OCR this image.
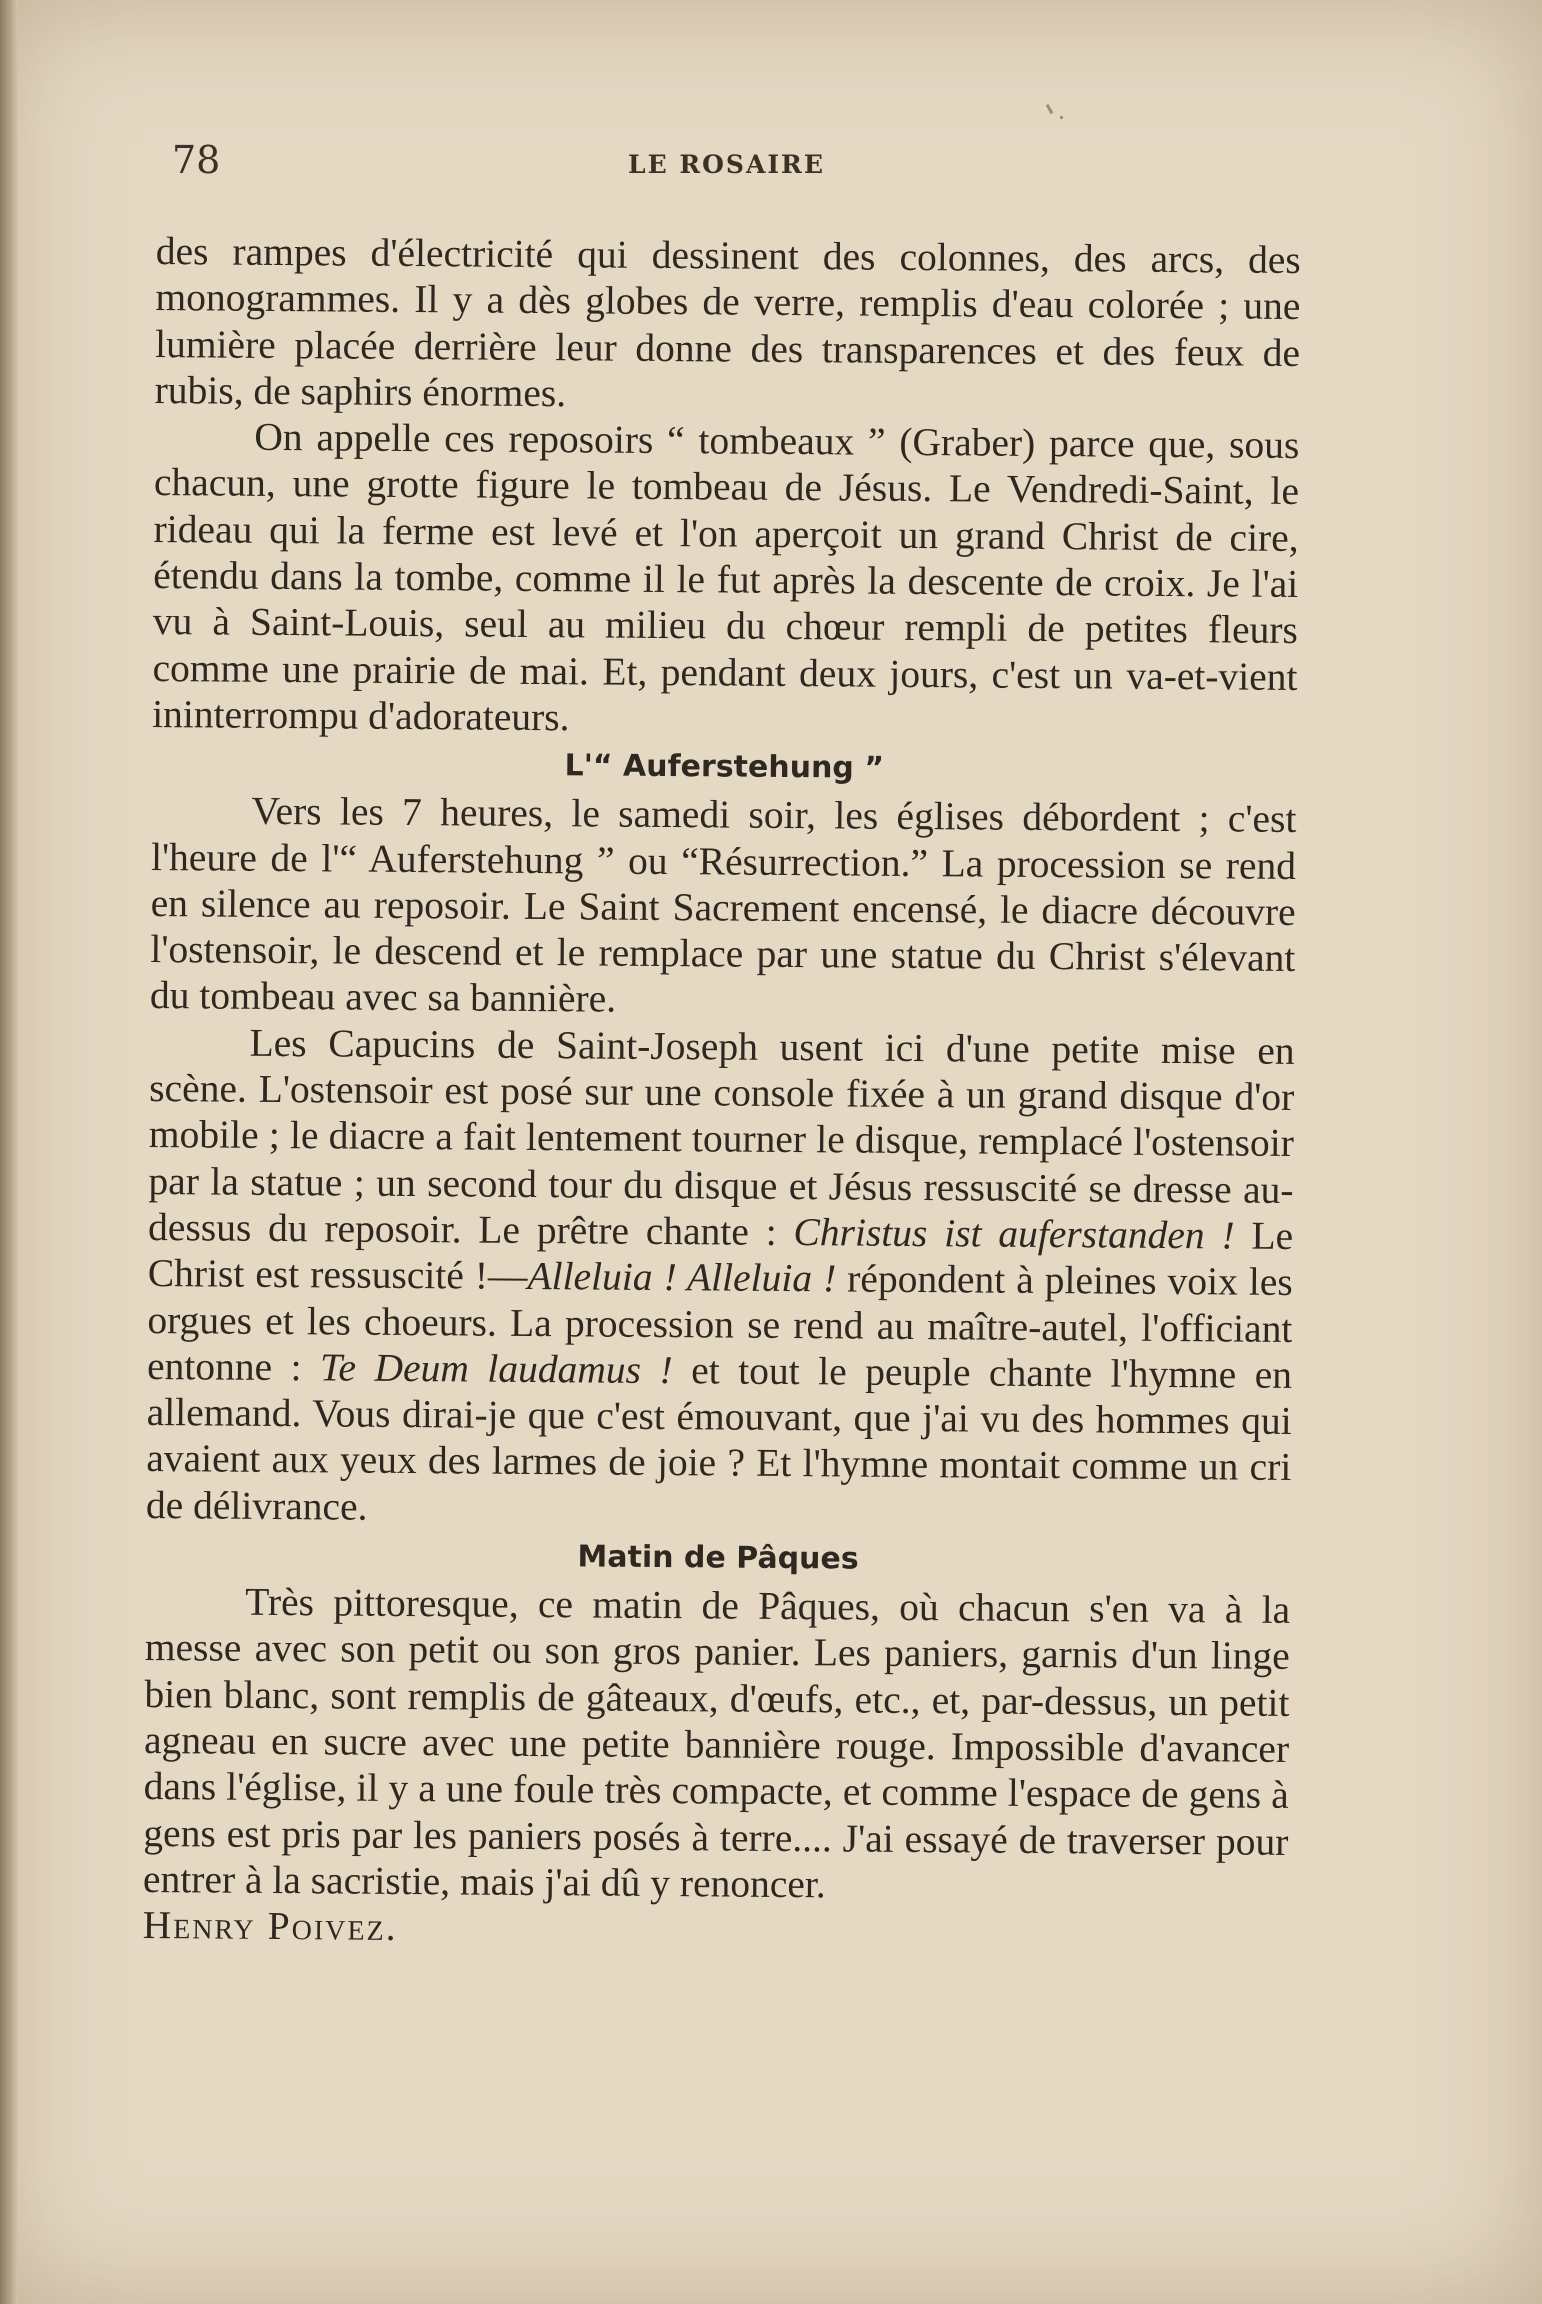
78	LE ROSAIRE

des rampes d'électricité qui dessinent des colonnes, des arcs, des monogrammes. Il y a dès globes de verre, remplis d'eau colorée ; une lumière placée derrière leur donne des transparences et des feux de rubis, de saphirs énormes.

On appelle ces reposoirs “ tombeaux ” (Graber) parce que, sous chacun, une grotte figure le tombeau de Jésus. Le Vendredi-Saint, le rideau qui la ferme est levé et l'on aperçoit un grand Christ de cire, étendu dans la tombe, comme il le fut après la descente de croix. Je l'ai vu à Saint-Louis, seul au milieu du chœur rempli de petites fleurs comme une prairie de mai. Et, pendant deux jours, c'est un va-et-vient ininterrompu d'adorateurs.

L'“ Auferstehung ”

Vers les 7 heures, le samedi soir, les églises débordent ; c'est l'heure de l'“ Auferstehung ” ou “Résurrection.” La procession se rend en silence au reposoir. Le Saint Sacrement encensé, le diacre découvre l'ostensoir, le descend et le remplace par une statue du Christ s'élevant du tombeau avec sa bannière.

Les Capucins de Saint-Joseph usent ici d'une petite mise en scène. L'ostensoir est posé sur une console fixée à un grand disque d'or mobile ; le diacre a fait lentement tourner le disque, remplacé l'ostensoir par la statue ; un second tour du disque et Jésus ressuscité se dresse au-dessus du reposoir. Le prêtre chante : Christus ist auferstanden ! Le Christ est ressuscité !—Alleluia ! Alleluia ! répondent à pleines voix les orgues et les choeurs. La procession se rend au maître-autel, l'officiant entonne : Te Deum laudamus ! et tout le peuple chante l'hymne en allemand. Vous dirai-je que c'est émouvant, que j'ai vu des hommes qui avaient aux yeux des larmes de joie ? Et l'hymne montait comme un cri de délivrance.

Matin de Pâques

Très pittoresque, ce matin de Pâques, où chacun s'en va à la messe avec son petit ou son gros panier. Les paniers, garnis d'un linge bien blanc, sont remplis de gâteaux, d'œufs, etc., et, par-dessus, un petit agneau en sucre avec une petite bannière rouge. Impossible d'avancer dans l'église, il y a une foule très compacte, et comme l'espace de gens à gens est pris par les paniers posés à terre.... J'ai essayé de traverser pour entrer à la sacristie, mais j'ai dû y renoncer.

Henry Poivez.
